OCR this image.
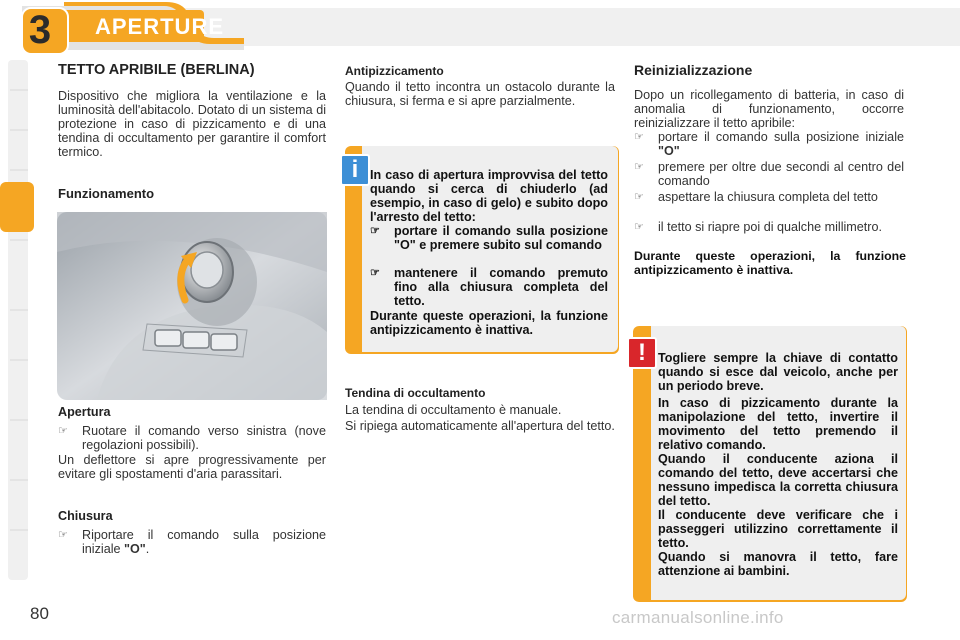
3	APERTURE
TETTO APRIBILE (BERLINA)
Dispositivo che migliora la ventilazione e la luminosità dell'abitacolo. Dotato di un sistema di protezione in caso di pizzicamento e di una tendina di occultamento per garantire il comfort termico.
Funzionamento
Apertura
☞	Ruotare il comando verso sinistra (nove regolazioni possibili).
Un deflettore si apre progressivamente per evitare gli spostamenti d'aria parassitari.
Chiusura
☞	Riportare il comando sulla posizione iniziale "O".
Antipizzicamento
Quando il tetto incontra un ostacolo durante la chiusura, si ferma e si apre parzialmente.
i In caso di apertura improvvisa del tetto quando si cerca di chiuderlo (ad esempio, in caso di gelo) e subito dopo l'arresto del tetto:
☞	portare il comando sulla posizione "O" e premere subito sul comando
☞	mantenere il comando premuto fino alla chiusura completa del tetto.
Durante queste operazioni, la funzione antipizzicamento è inattiva.
Tendina di occultamento
La tendina di occultamento è manuale.
Si ripiega automaticamente all'apertura del tetto.
Reinizializzazione
Dopo un ricollegamento di batteria, in caso di anomalia di funzionamento, occorre reinizializzare il tetto apribile:
☞	portare il comando sulla posizione iniziale "O"
☞	premere per oltre due secondi al centro del comando
☞	aspettare la chiusura completa del tetto
☞	il tetto si riapre poi di qualche millimetro.
Durante queste operazioni, la funzione antipizzicamento è inattiva.
! Togliere sempre la chiave di contatto quando si esce dal veicolo, anche per un periodo breve.
In caso di pizzicamento durante la manipolazione del tetto, invertire il movimento del tetto premendo il relativo comando.
Quando il conducente aziona il comando del tetto, deve accertarsi che nessuno impedisca la corretta chiusura del tetto.
Il conducente deve verificare che i passeggeri utilizzino correttamente il tetto.
Quando si manovra il tetto, fare attenzione ai bambini.
80	carmanualsonline.info
